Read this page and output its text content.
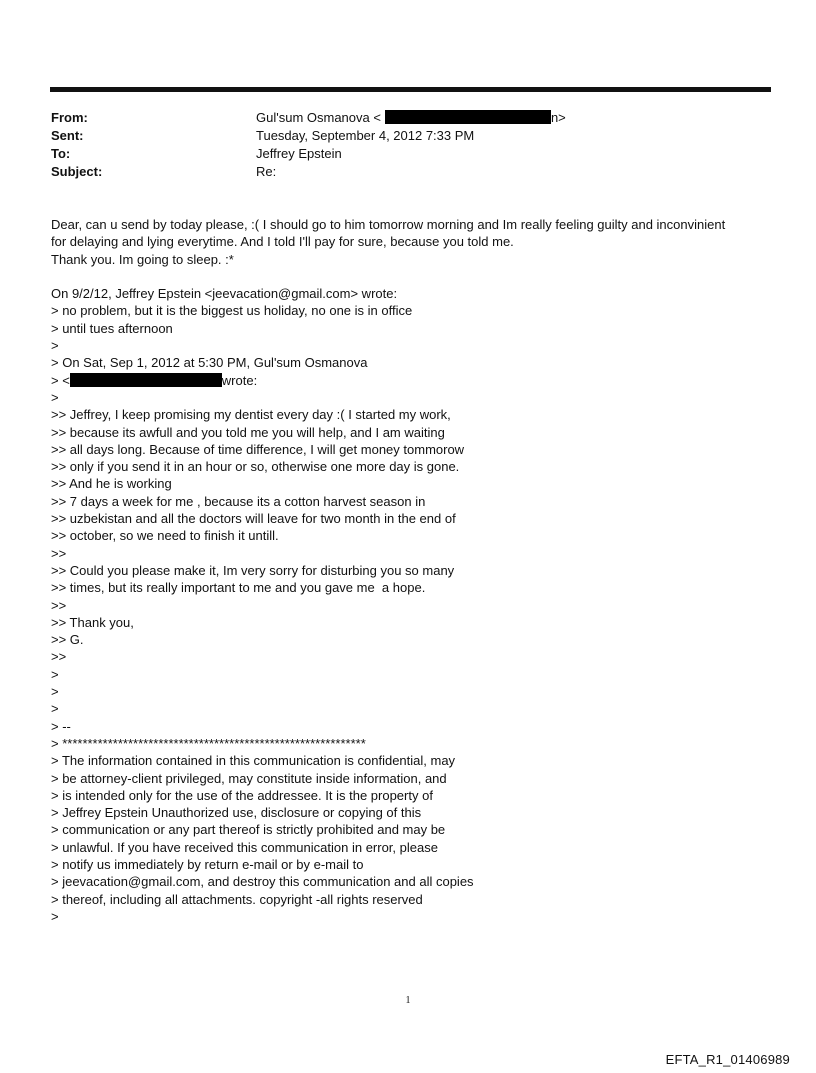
From:	Gul'sum Osmanova <	n>
Sent:	Tuesday, September 4, 2012 7:33 PM
To:	Jeffrey Epstein
Subject:	Re:
Dear, can u send by today please, :( I should go to him tomorrow morning and Im really feeling guilty and inconvinient
for delaying and lying everytime. And I told I'll pay for sure, because you told me.
Thank you. Im going to sleep. :*
On 9/2/12, Jeffrey Epstein <jeevacation@gmail.com> wrote:
> no problem, but it is the biggest us holiday, no one is in office
> until tues afternoon
>
> On Sat, Sep 1, 2012 at 5:30 PM, Gul'sum Osmanova
> <	wrote:
>
>> Jeffrey, I keep promising my dentist every day :( I started my work,
>> because its awfull and you told me you will help, and I am waiting
>> all days long. Because of time difference, I will get money tommorow
>> only if you send it in an hour or so, otherwise one more day is gone.
>> And he is working
>> 7 days a week for me , because its a cotton harvest season in
>> uzbekistan and all the doctors will leave for two month in the end of
>> october, so we need to finish it untill.
>>
>> Could you please make it, Im very sorry for disturbing you so many
>> times, but its really important to me and you gave me  a hope.
>>
>> Thank you,
>> G.
>>
>
>
>
> --
> ************************************************************
> The information contained in this communication is confidential, may
> be attorney-client privileged, may constitute inside information, and
> is intended only for the use of the addressee. It is the property of
> Jeffrey Epstein Unauthorized use, disclosure or copying of this
> communication or any part thereof is strictly prohibited and may be
> unlawful. If you have received this communication in error, please
> notify us immediately by return e-mail or by e-mail to
> jeevacation@gmail.com, and destroy this communication and all copies
> thereof, including all attachments. copyright -all rights reserved
>
1
EFTA_R1_01406989
